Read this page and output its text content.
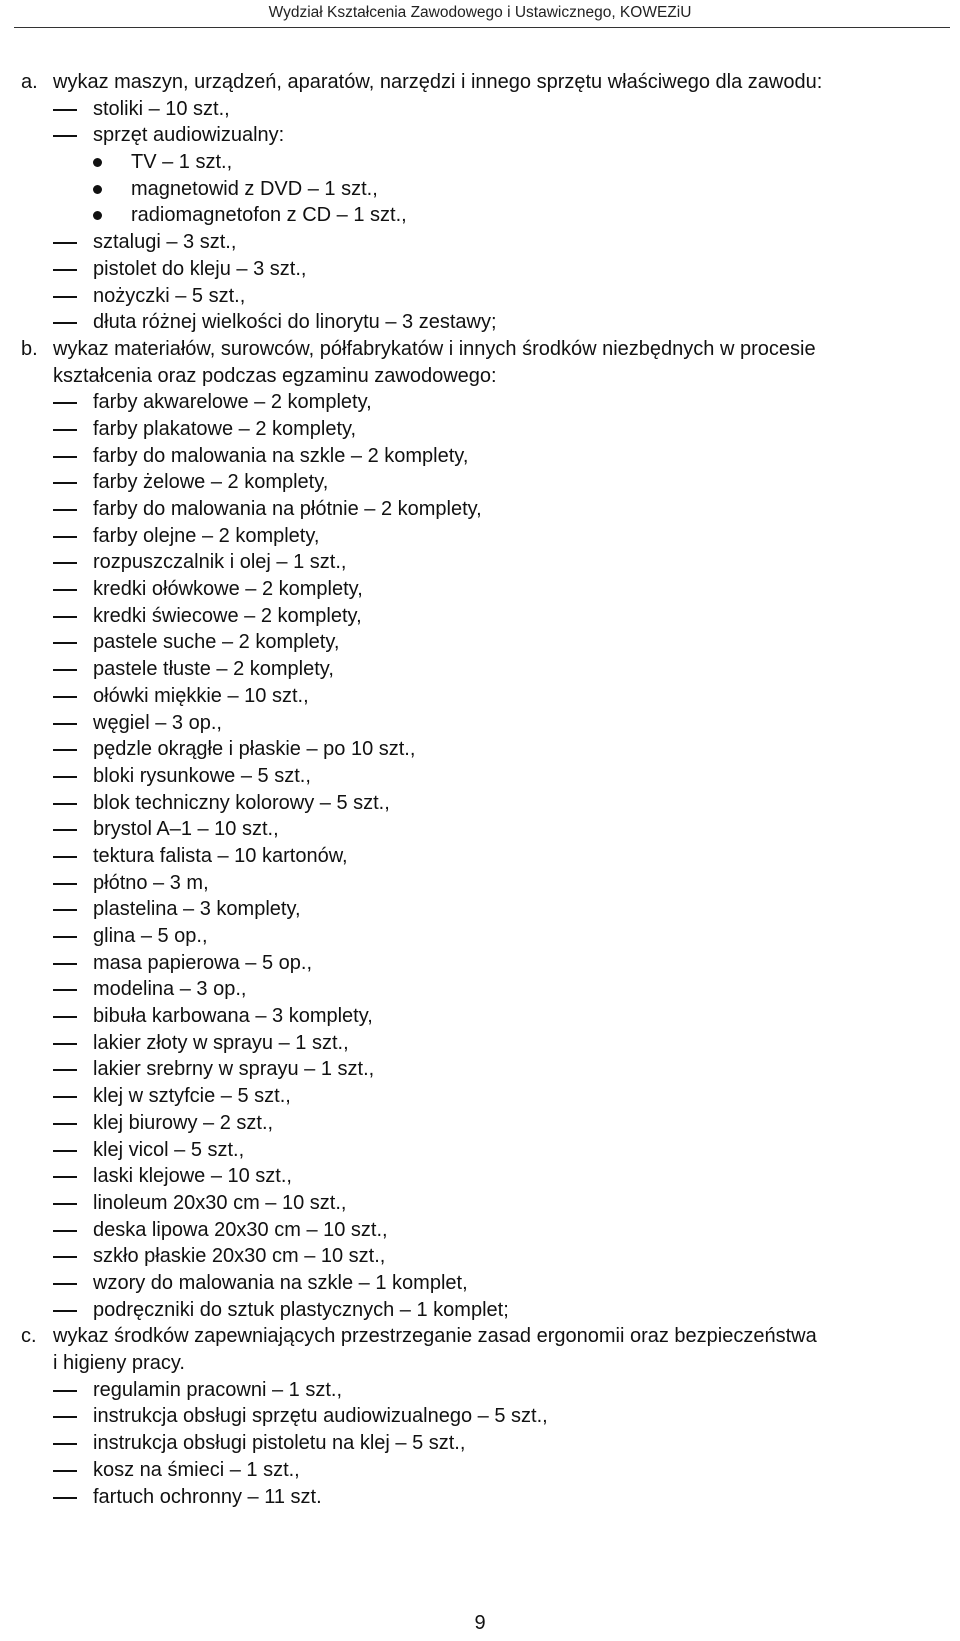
Wydział Kształcenia Zawodowego i Ustawicznego, KOWEZiU
a. wykaz maszyn, urządzeń, aparatów, narzędzi i innego sprzętu właściwego dla zawodu:
stoliki – 10 szt.,
sprzęt audiowizualny:
TV – 1 szt.,
magnetowid z DVD – 1 szt.,
radiomagnetofon z CD – 1 szt.,
sztalugi – 3 szt.,
pistolet do kleju – 3 szt.,
nożyczki – 5 szt.,
dłuta różnej wielkości do linorytu – 3 zestawy;
b. wykaz materiałów, surowców, półfabrykatów i innych środków niezbędnych w procesie
kształcenia oraz podczas egzaminu zawodowego:
farby akwarelowe – 2 komplety,
farby plakatowe – 2 komplety,
farby do malowania na szkle – 2 komplety,
farby żelowe – 2 komplety,
farby do malowania na płótnie – 2 komplety,
farby olejne – 2 komplety,
rozpuszczalnik i olej – 1 szt.,
kredki ołówkowe – 2 komplety,
kredki świecowe – 2 komplety,
pastele suche – 2 komplety,
pastele tłuste – 2 komplety,
ołówki miękkie – 10 szt.,
węgiel – 3 op.,
pędzle okrągłe i płaskie – po 10 szt.,
bloki rysunkowe – 5 szt.,
blok techniczny kolorowy – 5 szt.,
brystol A–1 – 10 szt.,
tektura falista – 10 kartonów,
płótno – 3 m,
plastelina – 3 komplety,
glina – 5 op.,
masa papierowa – 5 op.,
modelina – 3 op.,
bibuła karbowana – 3 komplety,
lakier złoty w sprayu – 1 szt.,
lakier srebrny w sprayu – 1 szt.,
klej w sztyfcie – 5 szt.,
klej biurowy – 2 szt.,
klej vicol – 5 szt.,
laski klejowe – 10 szt.,
linoleum 20x30 cm – 10 szt.,
deska lipowa 20x30 cm – 10 szt.,
szkło płaskie 20x30 cm – 10 szt.,
wzory do malowania na szkle – 1 komplet,
podręczniki do sztuk plastycznych – 1 komplet;
c. wykaz środków zapewniających przestrzeganie zasad ergonomii oraz bezpieczeństwa
i higieny pracy.
regulamin pracowni – 1 szt.,
instrukcja obsługi sprzętu audiowizualnego – 5 szt.,
instrukcja obsługi pistoletu na klej – 5 szt.,
kosz na śmieci – 1 szt.,
fartuch ochronny – 11 szt.
9
